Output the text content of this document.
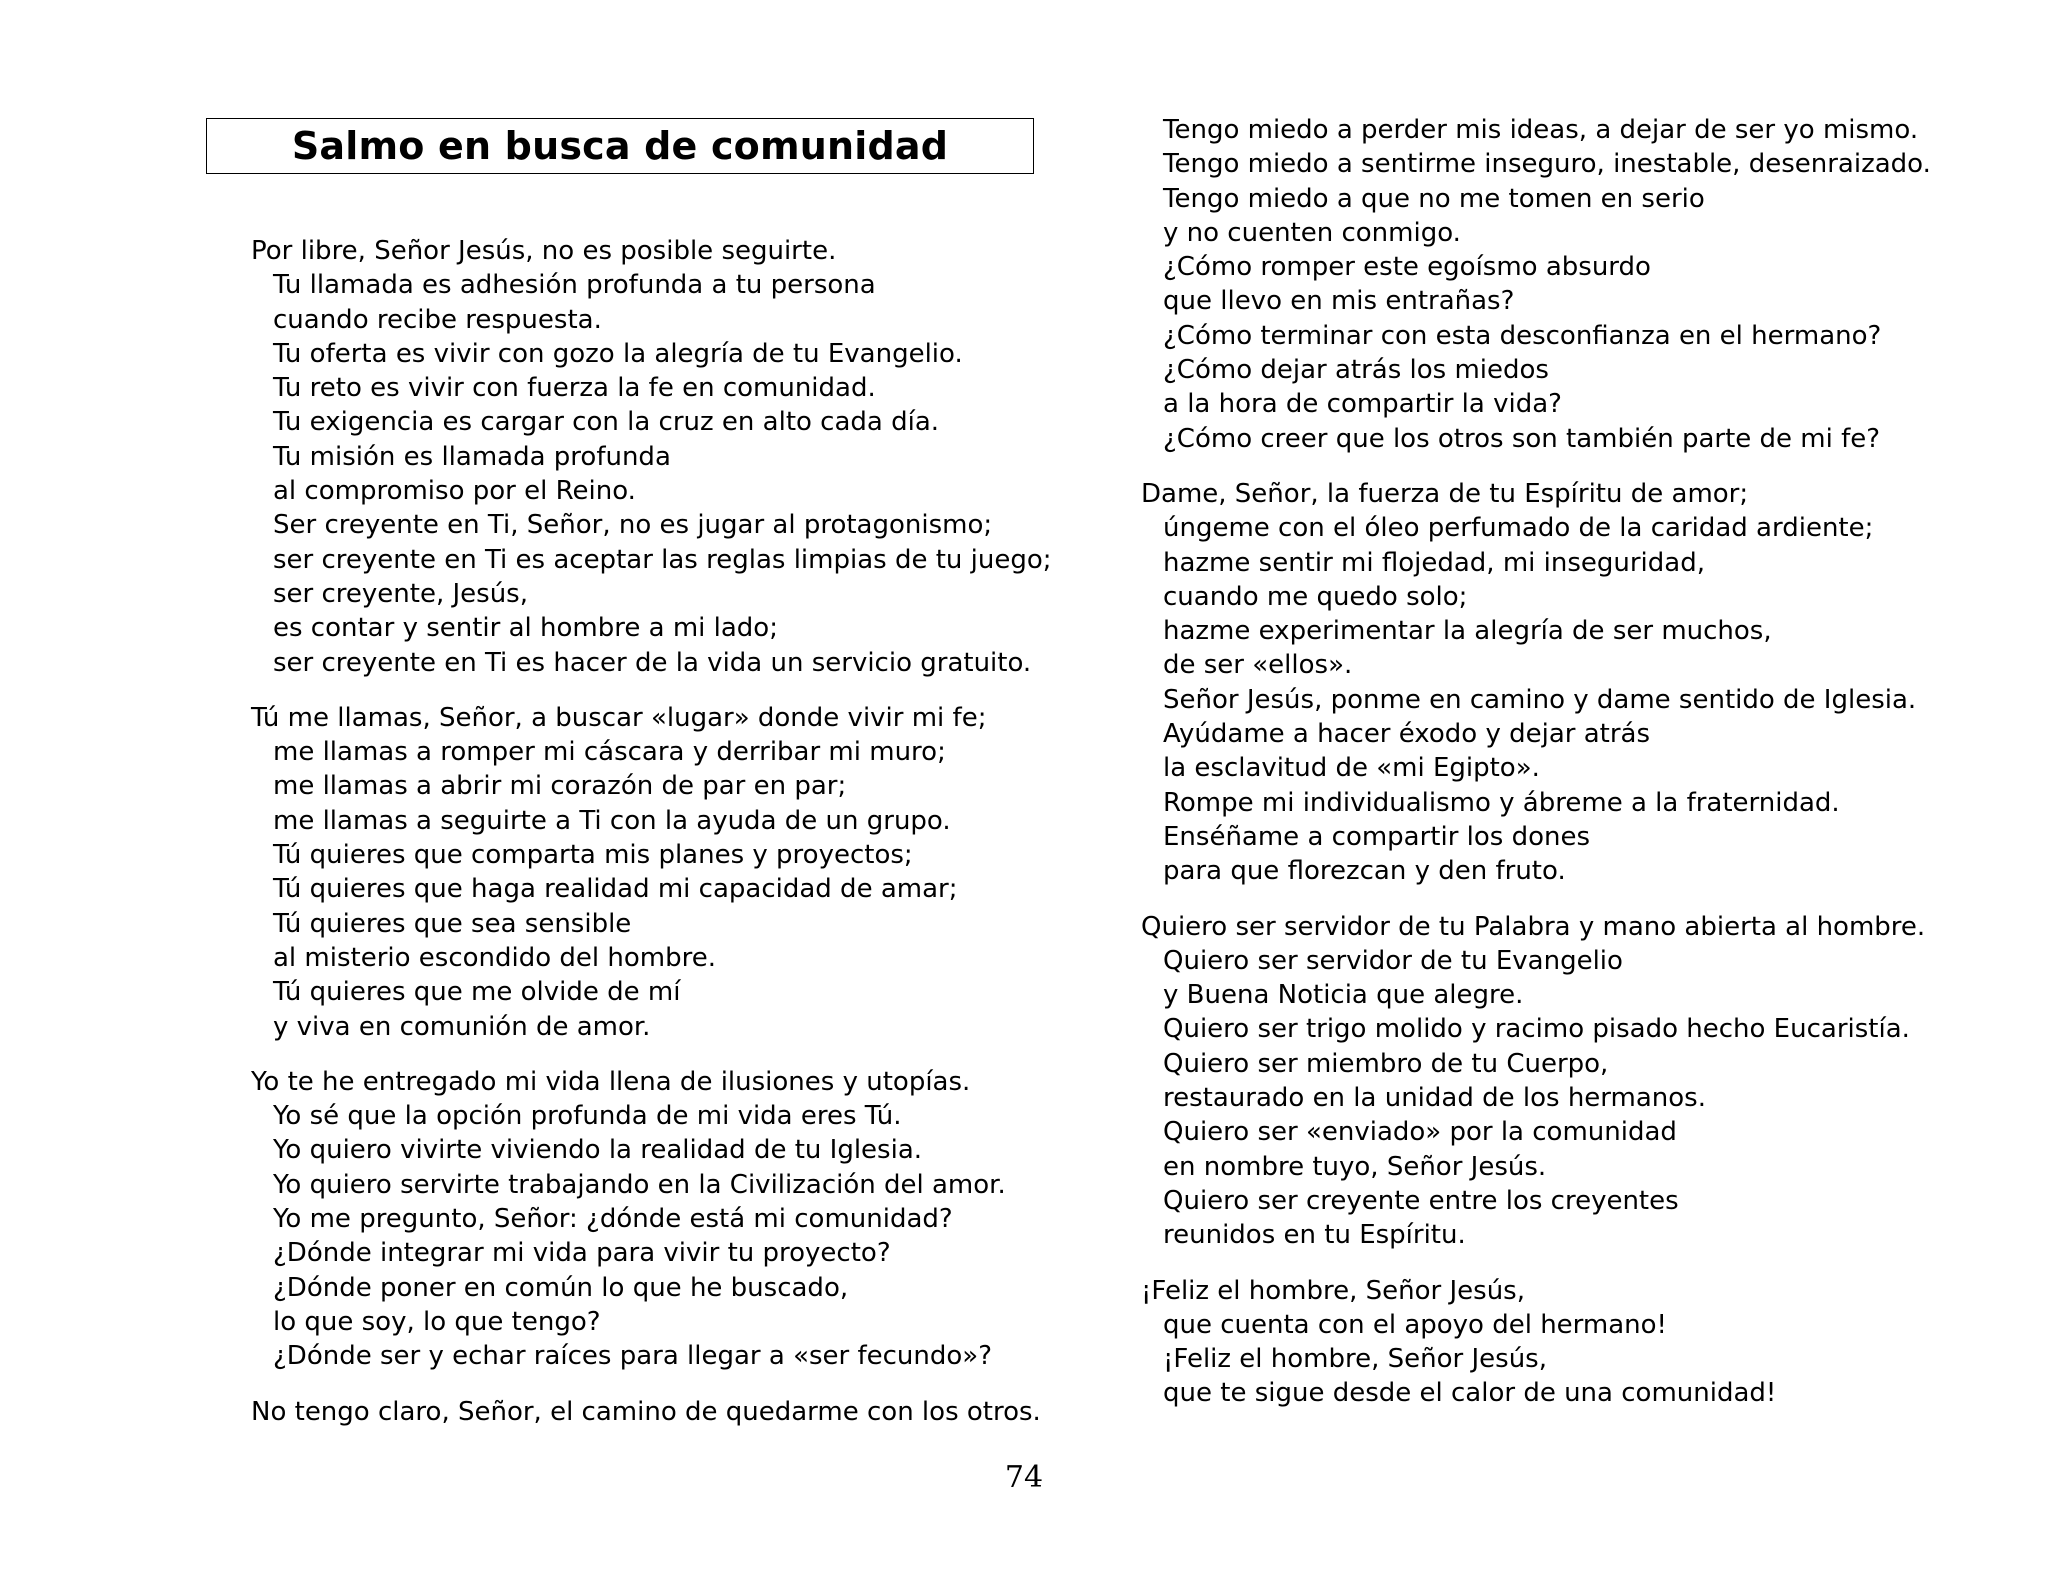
Salmo en busca de comunidad
Por libre, Señor Jesús, no es posible seguirte.
Tu llamada es adhesión profunda a tu persona
cuando recibe respuesta.
Tu oferta es vivir con gozo la alegría de tu Evangelio.
Tu reto es vivir con fuerza la fe en comunidad.
Tu exigencia es cargar con la cruz en alto cada día.
Tu misión es llamada profunda
al compromiso por el Reino.
Ser creyente en Ti, Señor, no es jugar al protagonismo;
ser creyente en Ti es aceptar las reglas limpias de tu juego;
ser creyente, Jesús,
es contar y sentir al hombre a mi lado;
ser creyente en Ti es hacer de la vida un servicio gratuito.
Tú me llamas, Señor, a buscar «lugar» donde vivir mi fe;
me llamas a romper mi cáscara y derribar mi muro;
me llamas a abrir mi corazón de par en par;
me llamas a seguirte a Ti con la ayuda de un grupo.
Tú quieres que comparta mis planes y proyectos;
Tú quieres que haga realidad mi capacidad de amar;
Tú quieres que sea sensible
al misterio escondido del hombre.
Tú quieres que me olvide de mí
y viva en comunión de amor.
Yo te he entregado mi vida llena de ilusiones y utopías.
Yo sé que la opción profunda de mi vida eres Tú.
Yo quiero vivirte viviendo la realidad de tu Iglesia.
Yo quiero servirte trabajando en la Civilización del amor.
Yo me pregunto, Señor: ¿dónde está mi comunidad?
¿Dónde integrar mi vida para vivir tu proyecto?
¿Dónde poner en común lo que he buscado,
lo que soy, lo que tengo?
¿Dónde ser y echar raíces para llegar a «ser fecundo»?
No tengo claro, Señor, el camino de quedarme con los otros.
Tengo miedo a perder mis ideas, a dejar de ser yo mismo.
Tengo miedo a sentirme inseguro, inestable, desenraizado.
Tengo miedo a que no me tomen en serio
y no cuenten conmigo.
¿Cómo romper este egoísmo absurdo
que llevo en mis entrañas?
¿Cómo terminar con esta desconfianza en el hermano?
¿Cómo dejar atrás los miedos
a la hora de compartir la vida?
¿Cómo creer que los otros son también parte de mi fe?
Dame, Señor, la fuerza de tu Espíritu de amor;
úngeme con el óleo perfumado de la caridad ardiente;
hazme sentir mi flojedad, mi inseguridad,
cuando me quedo solo;
hazme experimentar la alegría de ser muchos,
de ser «ellos».
Señor Jesús, ponme en camino y dame sentido de Iglesia.
Ayúdame a hacer éxodo y dejar atrás
la esclavitud de «mi Egipto».
Rompe mi individualismo y ábreme a la fraternidad.
Enséñame a compartir los dones
para que florezcan y den fruto.
Quiero ser servidor de tu Palabra y mano abierta al hombre.
Quiero ser servidor de tu Evangelio
y Buena Noticia que alegre.
Quiero ser trigo molido y racimo pisado hecho Eucaristía.
Quiero ser miembro de tu Cuerpo,
restaurado en la unidad de los hermanos.
Quiero ser «enviado» por la comunidad
en nombre tuyo, Señor Jesús.
Quiero ser creyente entre los creyentes
reunidos en tu Espíritu.
¡Feliz el hombre, Señor Jesús,
que cuenta con el apoyo del hermano!
¡Feliz el hombre, Señor Jesús,
que te sigue desde el calor de una comunidad!
74
